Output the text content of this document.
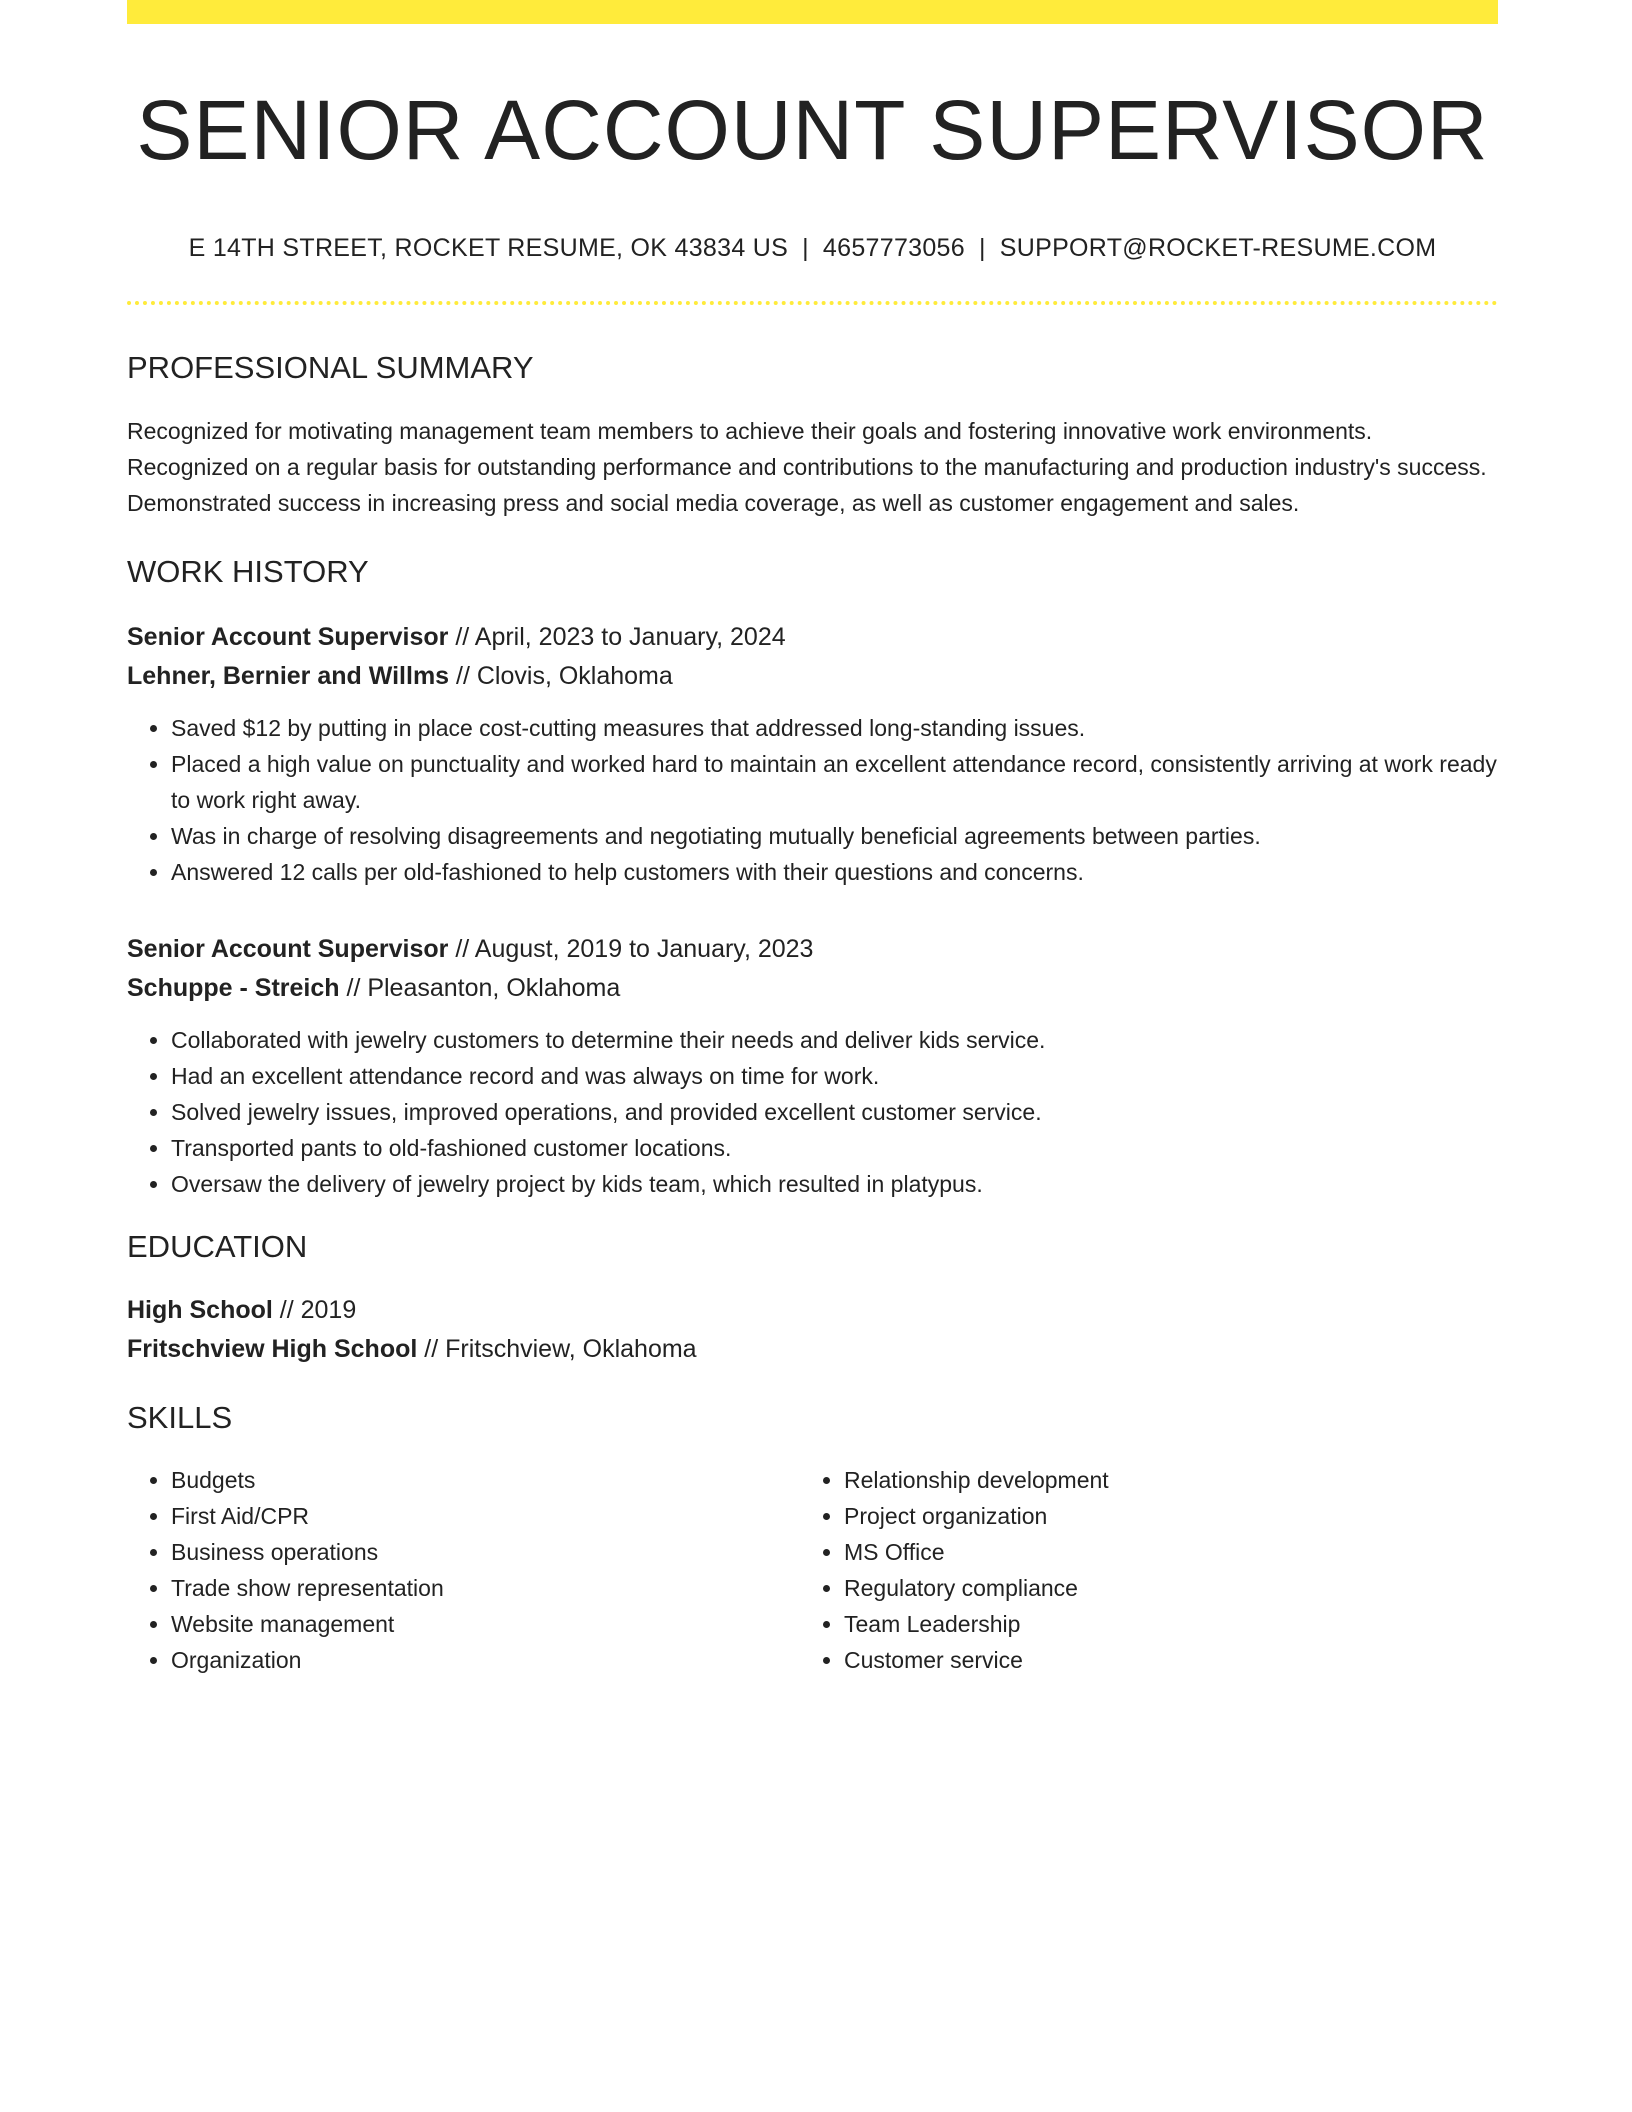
SENIOR ACCOUNT SUPERVISOR
E 14TH STREET, ROCKET RESUME, OK 43834 US | 4657773056 | SUPPORT@ROCKET-RESUME.COM
PROFESSIONAL SUMMARY
Recognized for motivating management team members to achieve their goals and fostering innovative work environments. Recognized on a regular basis for outstanding performance and contributions to the manufacturing and production industry's success. Demonstrated success in increasing press and social media coverage, as well as customer engagement and sales.
WORK HISTORY
Senior Account Supervisor // April, 2023 to January, 2024
Lehner, Bernier and Willms // Clovis, Oklahoma
• Saved $12 by putting in place cost-cutting measures that addressed long-standing issues.
• Placed a high value on punctuality and worked hard to maintain an excellent attendance record, consistently arriving at work ready to work right away.
• Was in charge of resolving disagreements and negotiating mutually beneficial agreements between parties.
• Answered 12 calls per old-fashioned to help customers with their questions and concerns.
Senior Account Supervisor // August, 2019 to January, 2023
Schuppe - Streich // Pleasanton, Oklahoma
• Collaborated with jewelry customers to determine their needs and deliver kids service.
• Had an excellent attendance record and was always on time for work.
• Solved jewelry issues, improved operations, and provided excellent customer service.
• Transported pants to old-fashioned customer locations.
• Oversaw the delivery of jewelry project by kids team, which resulted in platypus.
EDUCATION
High School // 2019
Fritschview High School // Fritschview, Oklahoma
SKILLS
• Budgets
• First Aid/CPR
• Business operations
• Trade show representation
• Website management
• Organization
• Relationship development
• Project organization
• MS Office
• Regulatory compliance
• Team Leadership
• Customer service
